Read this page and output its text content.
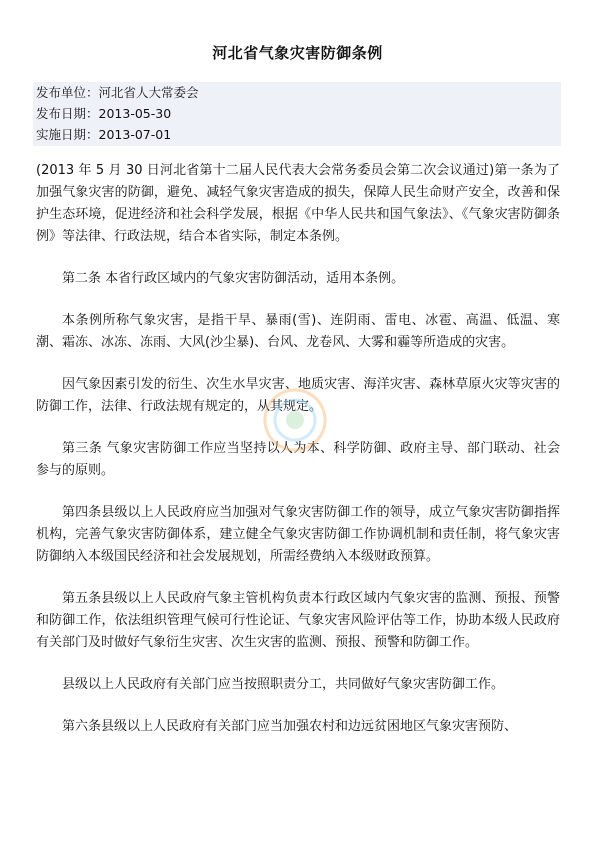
河北省气象灾害防御条例
发布单位：河北省人大常委会
发布日期：2013-05-30
实施日期：2013-07-01

(2013 年 5 月 30 日河北省第十二届人民代表大会常务委员会第二次会议通过)第一条为了加强气象灾害的防御，避免、减轻气象灾害造成的损失，保障人民生命财产安全，改善和保护生态环境，促进经济和社会科学发展，根据《中华人民共和国气象法》、《气象灾害防御条例》等法律、行政法规，结合本省实际，制定本条例。

第二条 本省行政区域内的气象灾害防御活动，适用本条例。

本条例所称气象灾害，是指干旱、暴雨(雪)、连阴雨、雷电、冰雹、高温、低温、寒潮、霜冻、冰冻、冻雨、大风(沙尘暴)、台风、龙卷风、大雾和霾等所造成的灾害。

因气象因素引发的衍生、次生水旱灾害、地质灾害、海洋灾害、森林草原火灾等灾害的防御工作，法律、行政法规有规定的，从其规定。

第三条 气象灾害防御工作应当坚持以人为本、科学防御、政府主导、部门联动、社会参与的原则。

第四条县级以上人民政府应当加强对气象灾害防御工作的领导，成立气象灾害防御指挥机构，完善气象灾害防御体系，建立健全气象灾害防御工作协调机制和责任制，将气象灾害防御纳入本级国民经济和社会发展规划，所需经费纳入本级财政预算。

第五条县级以上人民政府气象主管机构负责本行政区域内气象灾害的监测、预报、预警和防御工作，依法组织管理气候可行性论证、气象灾害风险评估等工作，协助本级人民政府有关部门及时做好气象衍生灾害、次生灾害的监测、预报、预警和防御工作。

县级以上人民政府有关部门应当按照职责分工，共同做好气象灾害防御工作。

第六条县级以上人民政府有关部门应当加强农村和边远贫困地区气象灾害预防、
